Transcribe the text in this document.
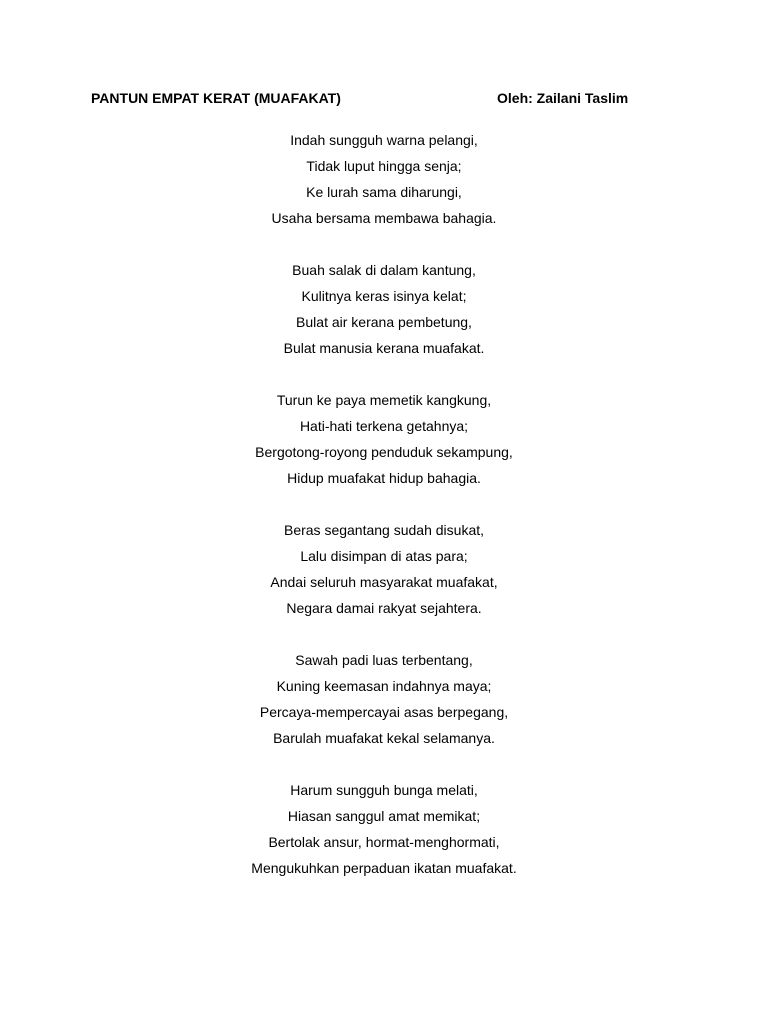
PANTUN EMPAT KERAT (MUAFAKAT)	Oleh: Zailani Taslim
Indah sungguh warna pelangi,
Tidak luput hingga senja;
Ke lurah sama diharungi,
Usaha bersama membawa bahagia.
Buah salak di dalam kantung,
Kulitnya keras isinya kelat;
Bulat air kerana pembetung,
Bulat manusia kerana muafakat.
Turun ke paya memetik kangkung,
Hati-hati terkena getahnya;
Bergotong-royong penduduk sekampung,
Hidup muafakat hidup bahagia.
Beras segantang sudah disukat,
Lalu disimpan di atas para;
Andai seluruh masyarakat muafakat,
Negara damai rakyat sejahtera.
Sawah padi luas terbentang,
Kuning keemasan indahnya maya;
Percaya-mempercayai asas berpegang,
Barulah muafakat kekal selamanya.
Harum sungguh bunga melati,
Hiasan sanggul amat memikat;
Bertolak ansur, hormat-menghormati,
Mengukuhkan perpaduan ikatan muafakat.
